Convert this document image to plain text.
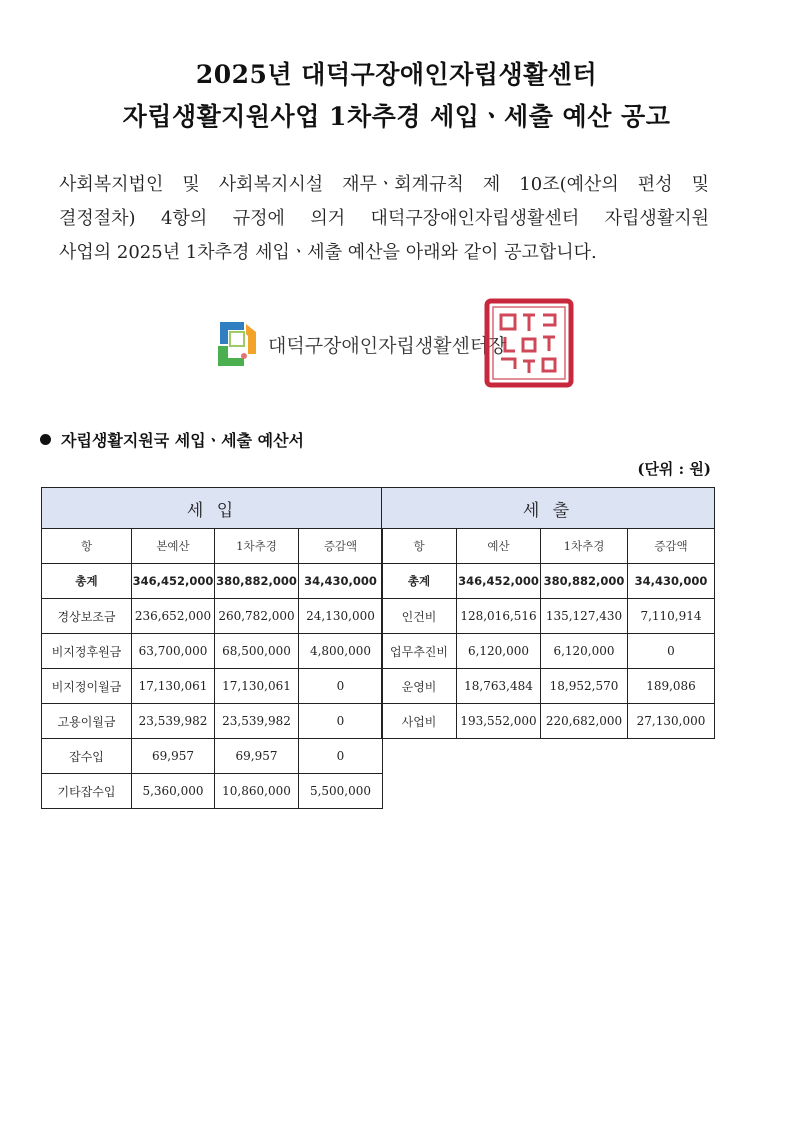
2025년 대덕구장애인자립생활센터
자립생활지원사업 1차추경 세입ㆍ세출 예산 공고
사회복지법인 및 사회복지시설 재무ㆍ회계규칙 제 10조(예산의 편성 및
결정절차) 4항의 규정에 의거 대덕구장애인자립생활센터 자립생활지원
사업의 2025년 1차추경 세입ㆍ세출 예산을 아래와 같이 공고합니다.
대덕구장애인자립생활센터장
자립생활지원국 세입ㆍ세출 예산서
(단위 : 원)
세 입			
항	본예산	1차추경	증감액
총계	346,452,000	380,882,000	34,430,000
경상보조금	236,652,000	260,782,000	24,130,000
비지정후원금	63,700,000	68,500,000	4,800,000
비지정이월금	17,130,061	17,130,061	0
고용이월금	23,539,982	23,539,982	0
잡수입	69,957	69,957	0
기타잡수입	5,360,000	10,860,000	5,500,000
세 출			
항	예산	1차추경	증감액
총계	346,452,000	380,882,000	34,430,000
인건비	128,016,516	135,127,430	7,110,914
업무추진비	6,120,000	6,120,000	0
운영비	18,763,484	18,952,570	189,086
사업비	193,552,000	220,682,000	27,130,000
